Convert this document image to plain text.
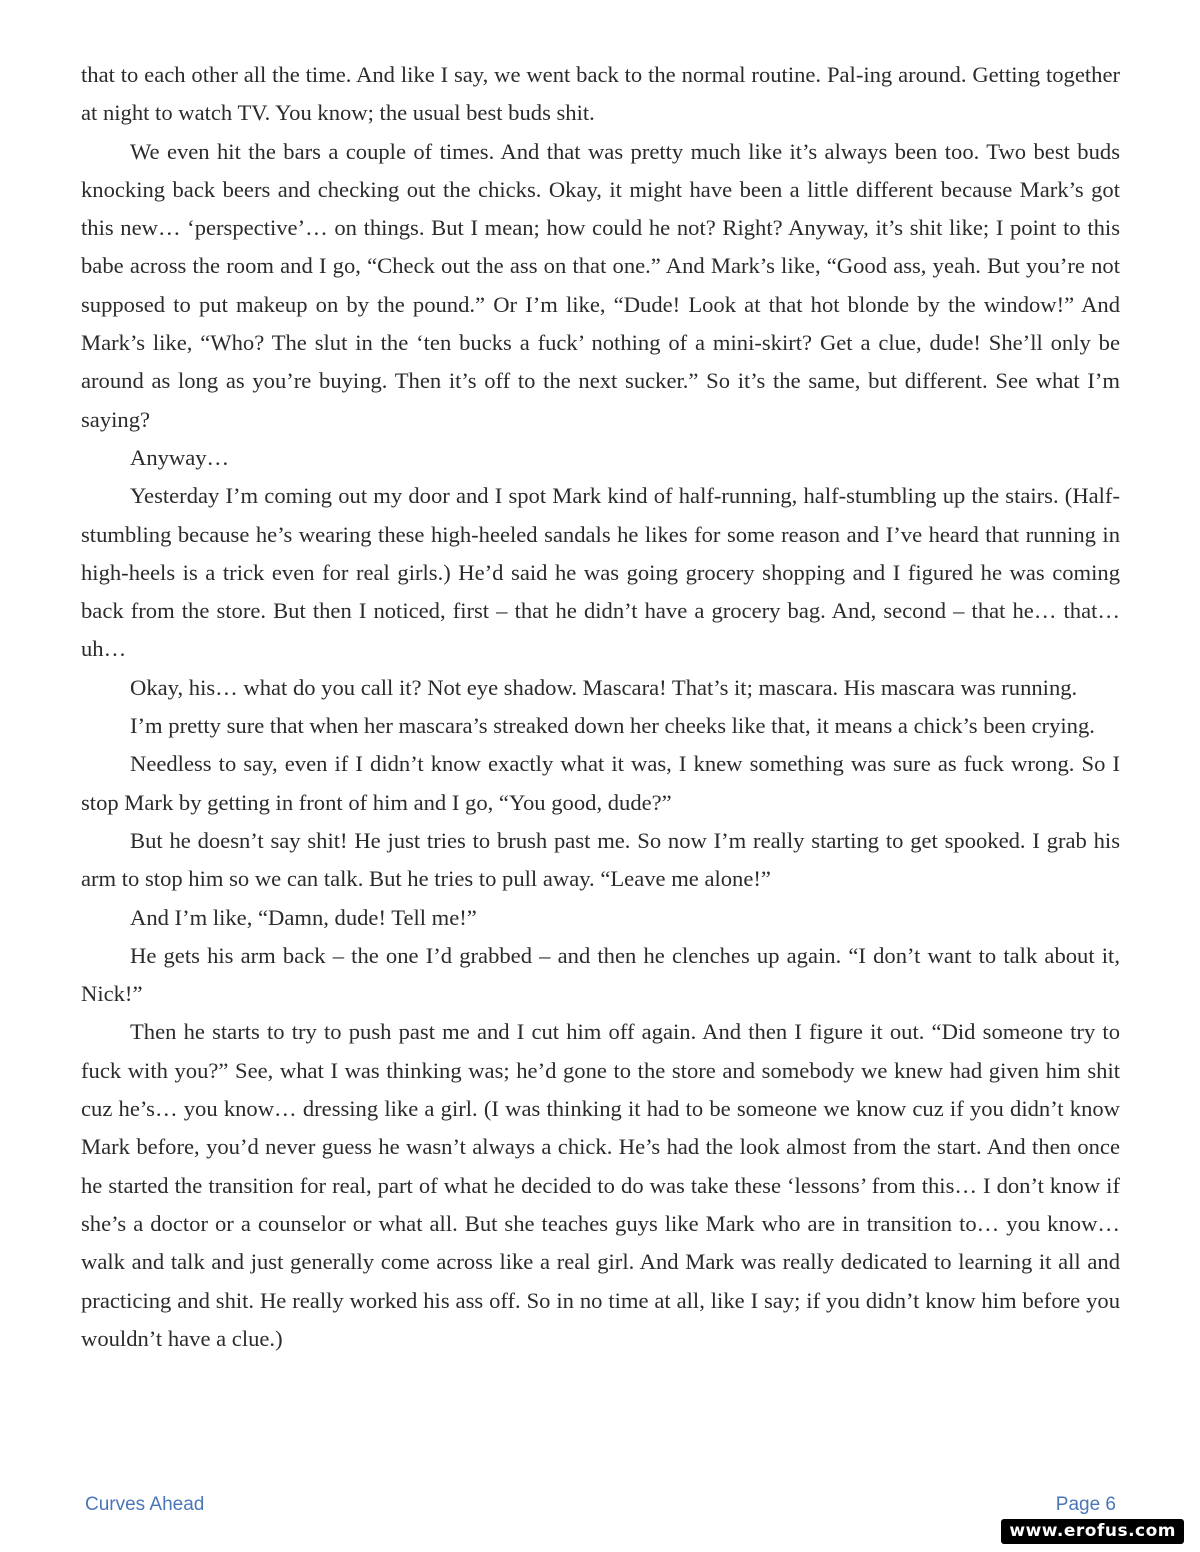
that to each other all the time. And like I say, we went back to the normal routine. Pal-ing around. Getting together at night to watch TV. You know; the usual best buds shit.

We even hit the bars a couple of times. And that was pretty much like it’s always been too. Two best buds knocking back beers and checking out the chicks. Okay, it might have been a little different because Mark’s got this new… ‘perspective’… on things. But I mean; how could he not? Right? Anyway, it’s shit like; I point to this babe across the room and I go, “Check out the ass on that one.” And Mark’s like, “Good ass, yeah. But you’re not supposed to put makeup on by the pound.” Or I’m like, “Dude! Look at that hot blonde by the window!” And Mark’s like, “Who? The slut in the ‘ten bucks a fuck’ nothing of a mini-skirt? Get a clue, dude! She’ll only be around as long as you’re buying. Then it’s off to the next sucker.” So it’s the same, but different. See what I’m saying?

Anyway…

Yesterday I’m coming out my door and I spot Mark kind of half-running, half-stumbling up the stairs. (Half-stumbling because he’s wearing these high-heeled sandals he likes for some reason and I’ve heard that running in high-heels is a trick even for real girls.) He’d said he was going grocery shopping and I figured he was coming back from the store. But then I noticed, first – that he didn’t have a grocery bag. And, second – that he… that… uh…

Okay, his… what do you call it? Not eye shadow. Mascara! That’s it; mascara. His mascara was running.

I’m pretty sure that when her mascara’s streaked down her cheeks like that, it means a chick’s been crying.

Needless to say, even if I didn’t know exactly what it was, I knew something was sure as fuck wrong. So I stop Mark by getting in front of him and I go, “You good, dude?”

But he doesn’t say shit! He just tries to brush past me. So now I’m really starting to get spooked. I grab his arm to stop him so we can talk. But he tries to pull away. “Leave me alone!”

And I’m like, “Damn, dude! Tell me!”

He gets his arm back – the one I’d grabbed – and then he clenches up again. “I don’t want to talk about it, Nick!”

Then he starts to try to push past me and I cut him off again. And then I figure it out. “Did someone try to fuck with you?” See, what I was thinking was; he’d gone to the store and somebody we knew had given him shit cuz he’s… you know… dressing like a girl. (I was thinking it had to be someone we know cuz if you didn’t know Mark before, you’d never guess he wasn’t always a chick. He’s had the look almost from the start. And then once he started the transition for real, part of what he decided to do was take these ‘lessons’ from this… I don’t know if she’s a doctor or a counselor or what all. But she teaches guys like Mark who are in transition to… you know… walk and talk and just generally come across like a real girl. And Mark was really dedicated to learning it all and practicing and shit. He really worked his ass off. So in no time at all, like I say; if you didn’t know him before you wouldn’t have a clue.)

Curves Ahead	Page 6
www.erofus.com
